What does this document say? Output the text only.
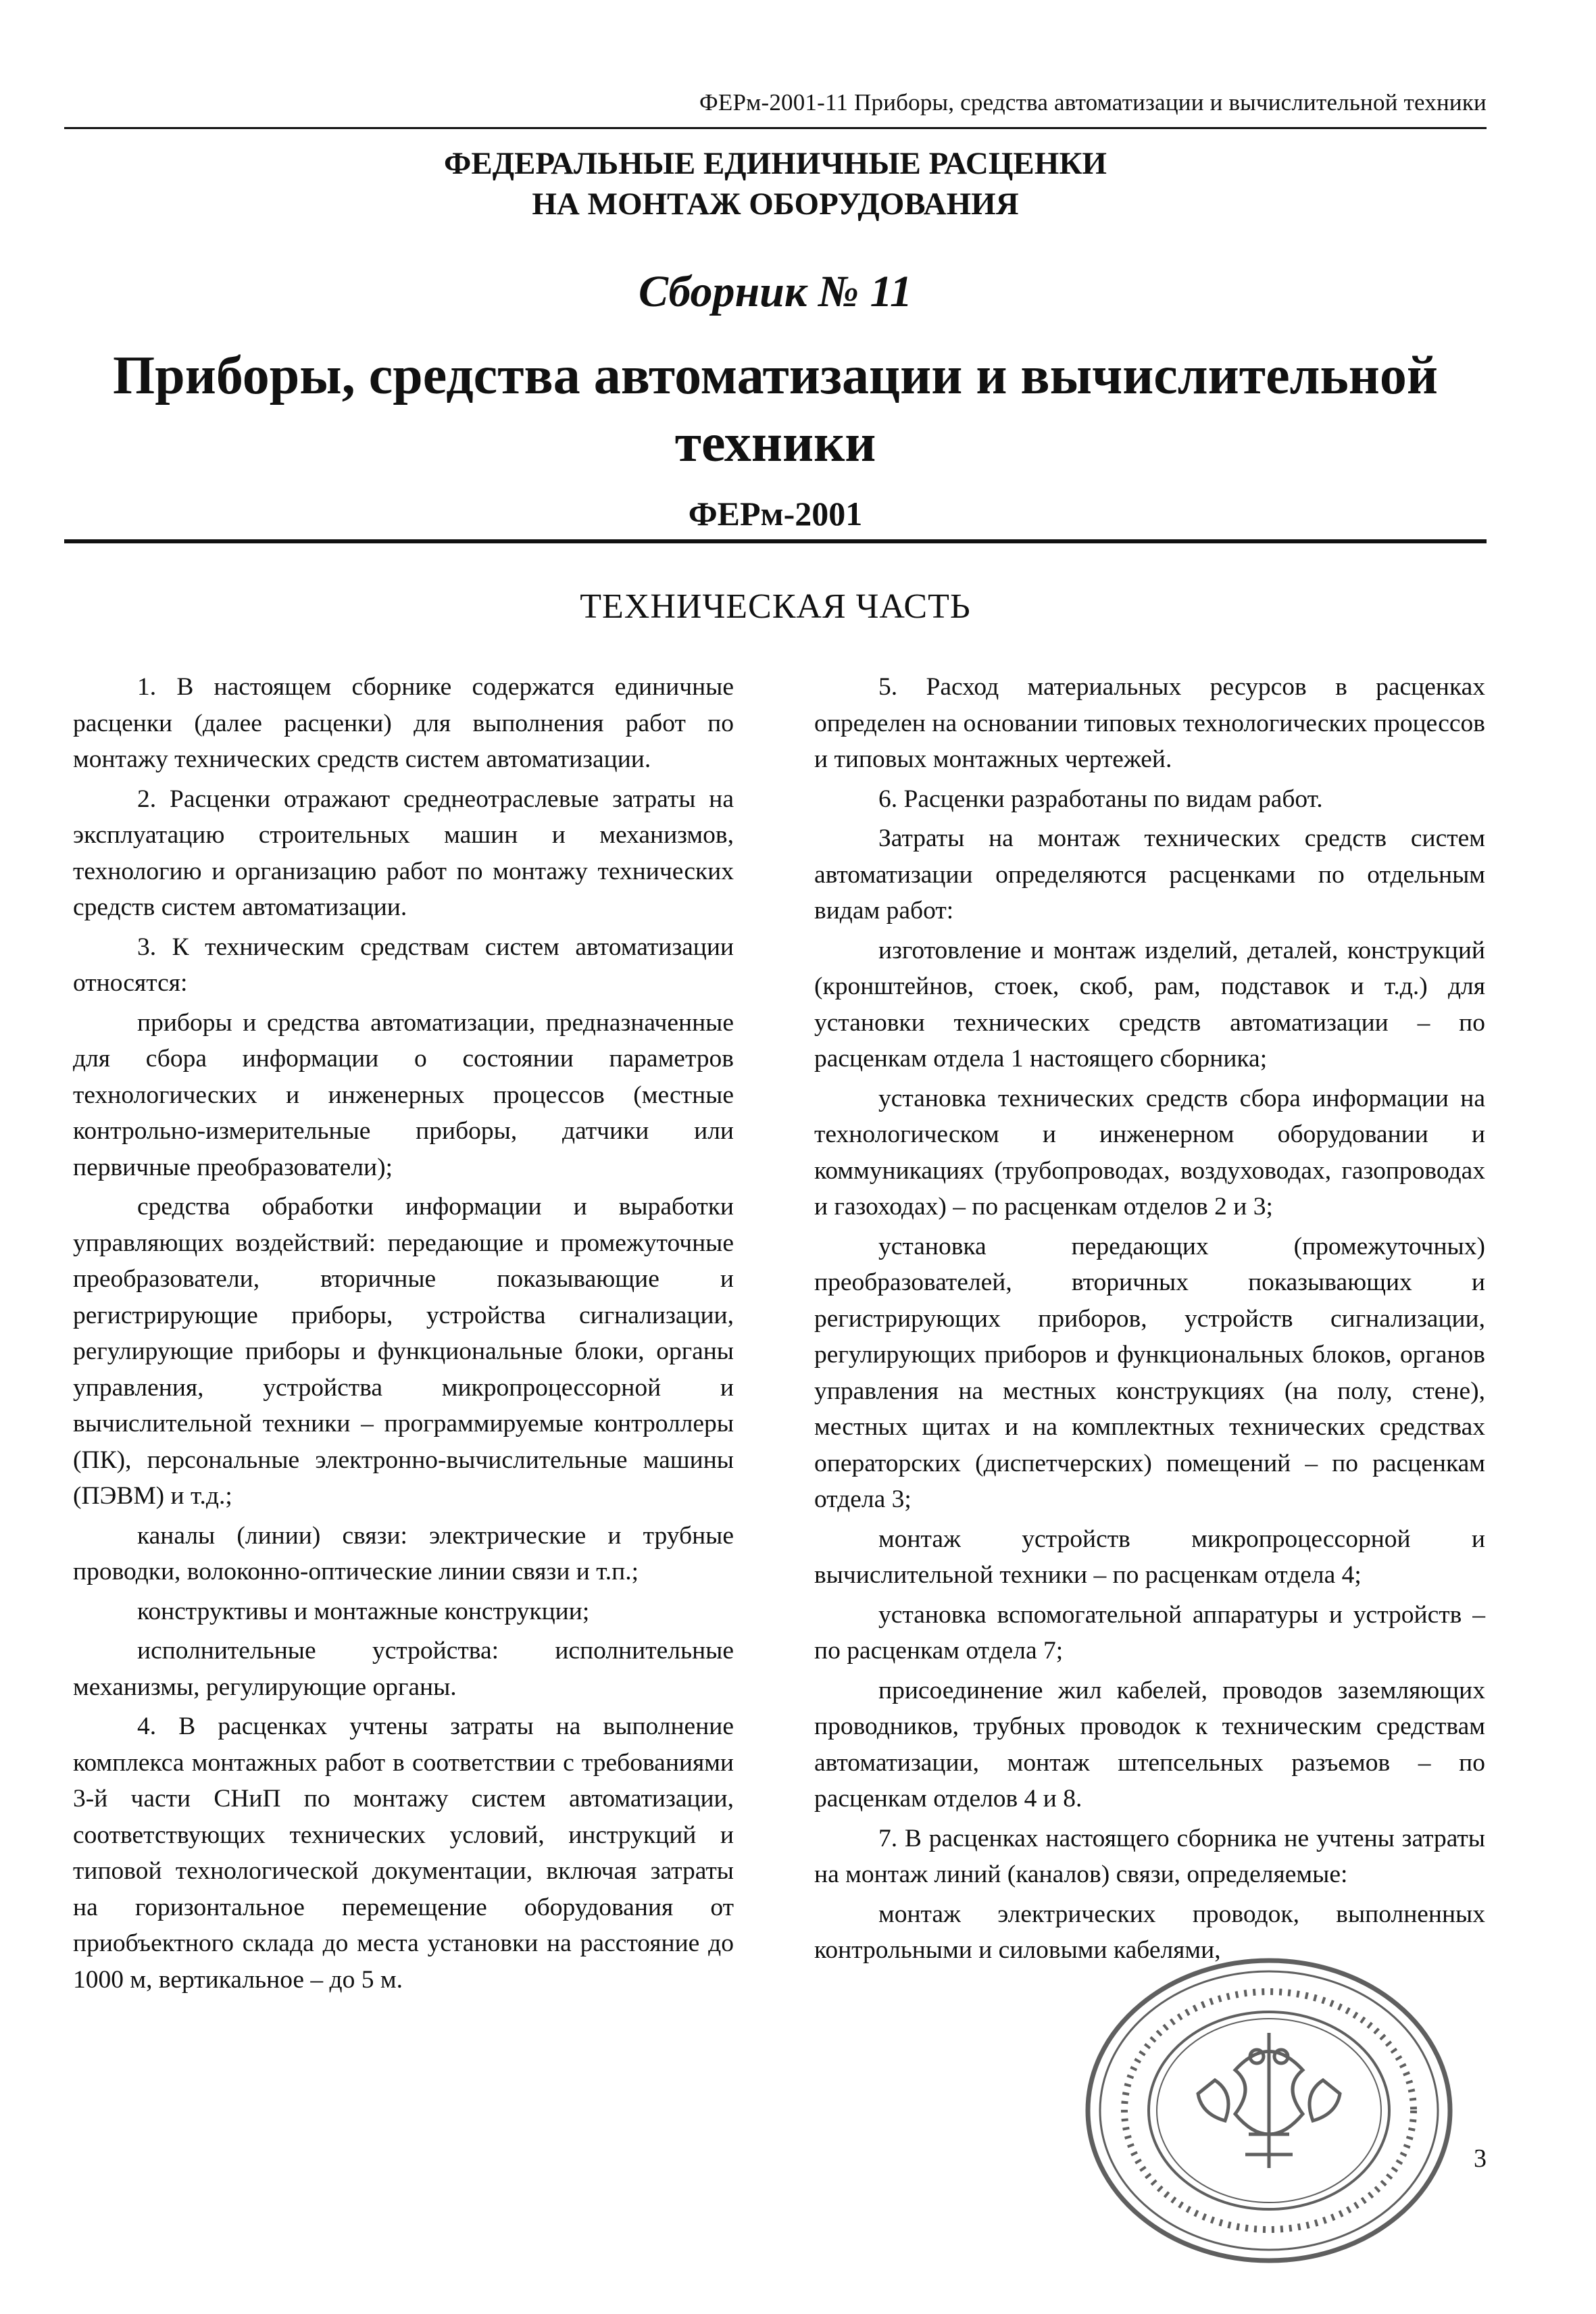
ФЕРм-2001-11 Приборы, средства автоматизации и вычислительной техники
ФЕДЕРАЛЬНЫЕ ЕДИНИЧНЫЕ РАСЦЕНКИ
НА МОНТАЖ ОБОРУДОВАНИЯ
Сборник № 11
Приборы, средства автоматизации и вычислительной
техники
ФЕРм-2001
ТЕХНИЧЕСКАЯ ЧАСТЬ

1. В настоящем сборнике содержатся единичные расценки (далее расценки) для выполнения работ по монтажу технических средств систем автоматизации.

2. Расценки отражают среднеотраслевые затраты на эксплуатацию строительных машин и механизмов, технологию и организацию работ по монтажу технических средств систем автоматизации.

3. К техническим средствам систем автоматизации относятся:

приборы и средства автоматизации, предназначенные для сбора информации о состоянии параметров технологических и инженерных процессов (местные контрольно-измерительные приборы, датчики или первичные преобразователи);

средства обработки информации и выработки управляющих воздействий: передающие и промежуточные преобразователи, вторичные показывающие и регистрирующие приборы, устройства сигнализации, регулирующие приборы и функциональные блоки, органы управления, устройства микропроцессорной и вычислительной техники – программируемые контроллеры (ПК), персональные электронно-вычислительные машины (ПЭВМ) и т.д.;

каналы (линии) связи: электрические и трубные проводки, волоконно-оптические линии связи и т.п.;

конструктивы и монтажные конструкции;

исполнительные устройства: исполнительные механизмы, регулирующие органы.

4. В расценках учтены затраты на выполнение комплекса монтажных работ в соответствии с требованиями 3-й части СНиП по монтажу систем автоматизации, соответствующих технических условий, инструкций и типовой технологической документации, включая затраты на горизонтальное перемещение оборудования от приобъектного склада до места установки на расстояние до 1000 м, вертикальное – до 5 м.

5. Расход материальных ресурсов в расценках определен на основании типовых технологических процессов и типовых монтажных чертежей.

6. Расценки разработаны по видам работ.

Затраты на монтаж технических средств систем автоматизации определяются расценками по отдельным видам работ:

изготовление и монтаж изделий, деталей, конструкций (кронштейнов, стоек, скоб, рам, подставок и т.д.) для установки технических средств автоматизации – по расценкам отдела 1 настоящего сборника;

установка технических средств сбора информации на технологическом и инженерном оборудовании и коммуникациях (трубопроводах, воздуховодах, газопроводах и газоходах) – по расценкам отделов 2 и 3;

установка передающих (промежуточных) преобразователей, вторичных показывающих и регистрирующих приборов, устройств сигнализации, регулирующих приборов и функциональных блоков, органов управления на местных конструкциях (на полу, стене), местных щитах и на комплектных технических средствах операторских (диспетчерских) помещений – по расценкам отдела 3;

монтаж устройств микропроцессорной и вычислительной техники – по расценкам отдела 4;

установка вспомогательной аппаратуры и устройств –по расценкам отдела 7;

присоединение жил кабелей, проводов заземляющих проводников, трубных проводок к техническим средствам автоматизации, монтаж штепсельных разъемов – по расценкам отделов 4 и 8.

7. В расценках настоящего сборника не учтены затраты на монтаж линий (каналов) связи, определяемые:

монтаж электрических проводок, выполненных контрольными и силовыми кабелями,

3
